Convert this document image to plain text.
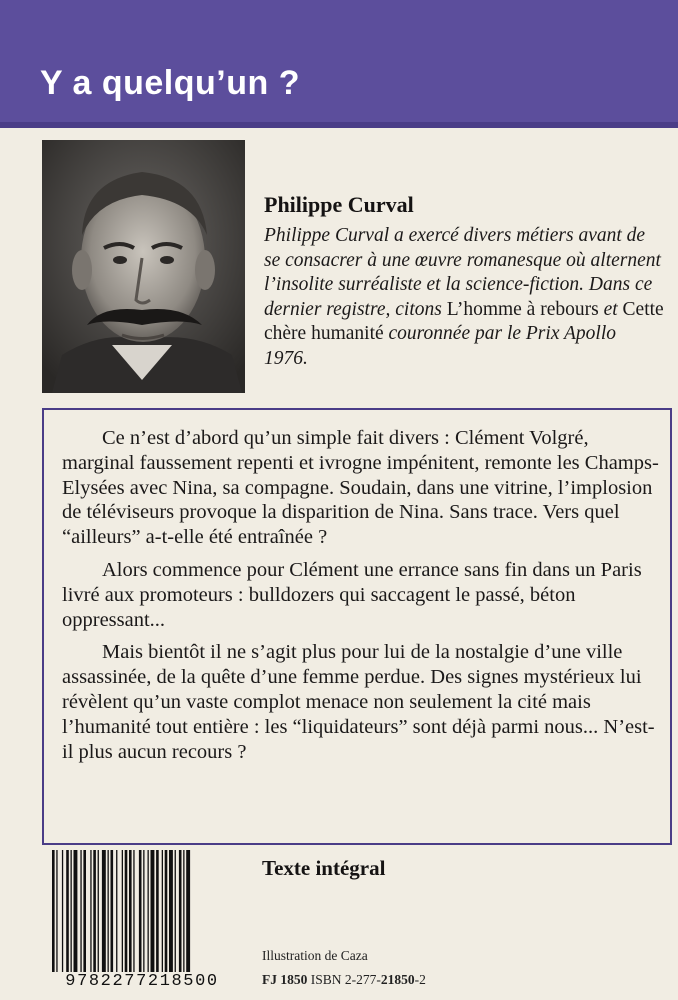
Y a quelqu’un ?
Philippe Curval
Philippe Curval a exercé divers métiers avant de se consacrer à une œuvre romanesque où alternent l’insolite surréaliste et la science-fiction. Dans ce dernier registre, citons L’homme à rebours et Cette chère humanité couronnée par le Prix Apollo 1976.

Ce n’est d’abord qu’un simple fait divers : Clément Volgré, marginal faussement repenti et ivrogne impénitent, remonte les Champs-Elysées avec Nina, sa compagne. Soudain, dans une vitrine, l’implosion de téléviseurs provoque la disparition de Nina. Sans trace. Vers quel “ailleurs” a-t-elle été entraînée ?

Alors commence pour Clément une errance sans fin dans un Paris livré aux promoteurs : bulldozers qui saccagent le passé, béton oppressant...

Mais bientôt il ne s’agit plus pour lui de la nostalgie d’une ville assassinée, de la quête d’une femme perdue. Des signes mystérieux lui révèlent qu’un vaste complot menace non seulement la cité mais l’humanité tout entière : les “liquidateurs” sont déjà parmi nous... N’est-il plus aucun recours ?

9782277218500
Texte intégral
Illustration de Caza
FJ 1850 ISBN 2-277-21850-2
